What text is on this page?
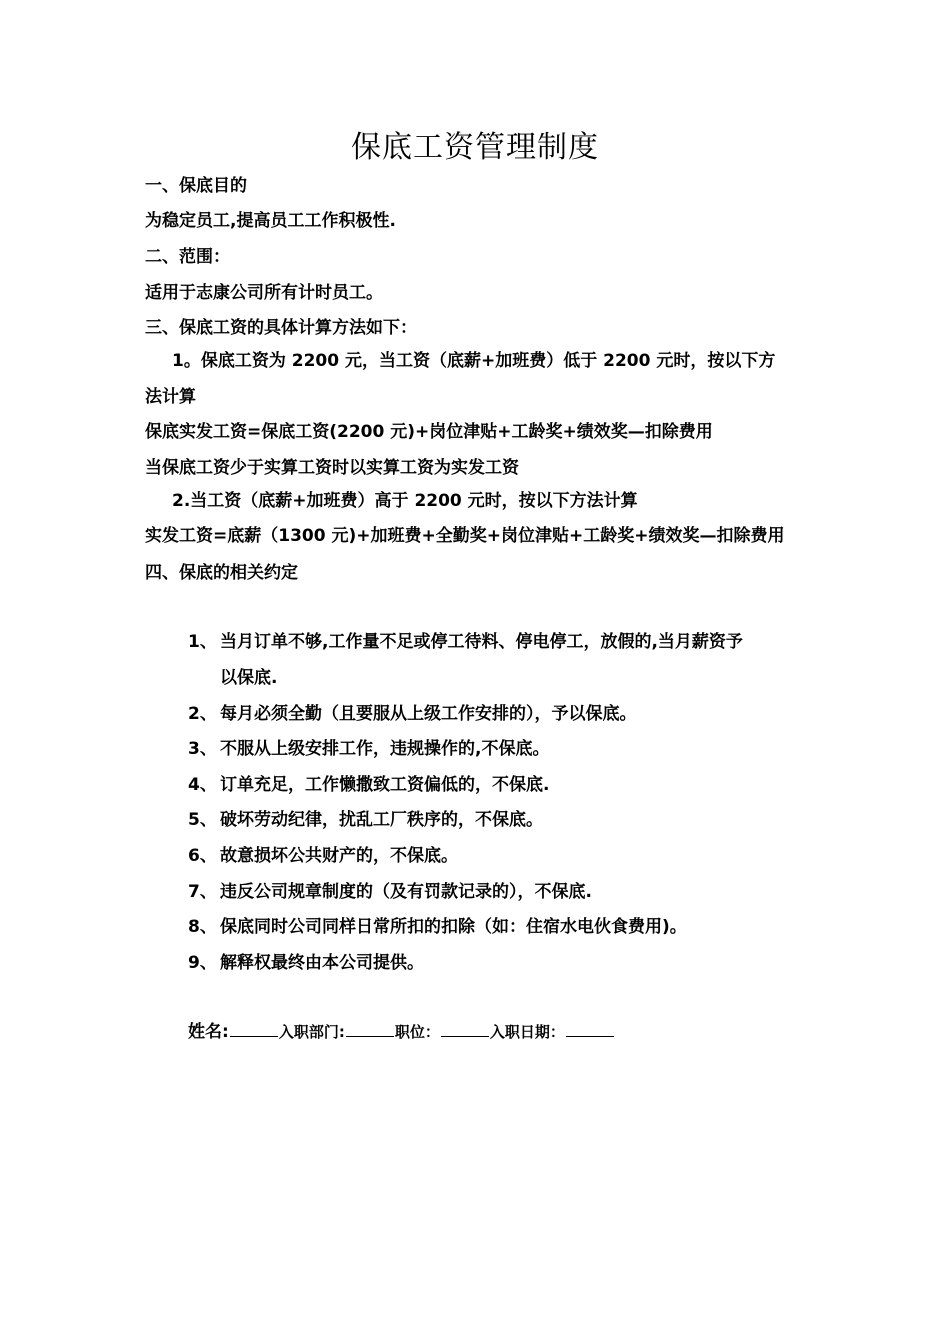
保底工资管理制度
一、保底目的
为稳定员工,提高员工工作积极性.
二、范围：
适用于志康公司所有计时员工。
三、保底工资的具体计算方法如下：
1。保底工资为 2200 元，当工资（底薪+加班费）低于 2200 元时，按以下方
法计算
保底实发工资=保底工资(2200 元)+岗位津贴+工龄奖+绩效奖—扣除费用
当保底工资少于实算工资时以实算工资为实发工资
2.当工资（底薪+加班费）高于 2200 元时，按以下方法计算
实发工资=底薪（1300 元)+加班费+全勤奖+岗位津贴+工龄奖+绩效奖—扣除费用
四、保底的相关约定
1、 当月订单不够,工作量不足或停工待料、停电停工，放假的,当月薪资予
以保底.
2、 每月必须全勤（且要服从上级工作安排的），予以保底。
3、 不服从上级安排工作，违规操作的,不保底。
4、 订单充足，工作懒撒致工资偏低的，不保底.
5、 破坏劳动纪律，扰乱工厂秩序的，不保底。
6、 故意损坏公共财产的，不保底。
7、 违反公司规章制度的（及有罚款记录的），不保底.
8、 保底同时公司同样日常所扣的扣除（如：住宿水电伙食费用)。
9、 解释权最终由本公司提供。
姓名:	入职部门:	职位：	入职日期：
